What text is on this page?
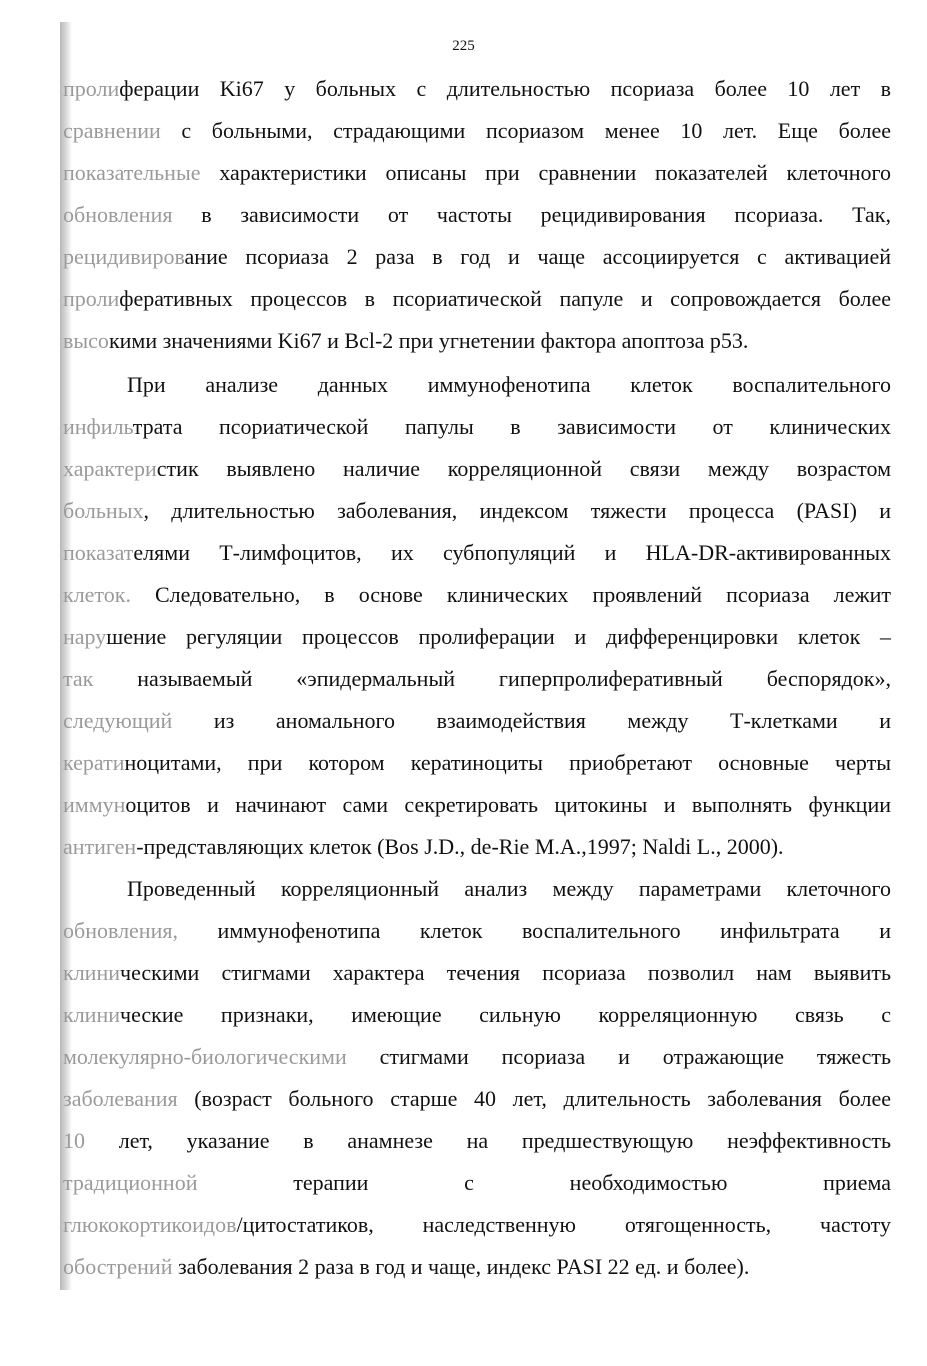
225
пролиферации Ki67 у больных с длительностью псориаза более 10 лет в
сравнении с больными, страдающими псориазом менее 10 лет. Еще более
показательные характеристики описаны при сравнении показателей клеточного
обновления в зависимости от частоты рецидивирования псориаза. Так,
рецидивирование псориаза 2 раза в год и чаще ассоциируется с активацией
пролиферативных процессов в псориатической папуле и сопровождается более
высокими значениями Ki67 и Bcl-2 при угнетении фактора апоптоза p53.
При анализе данных иммунофенотипа клеток воспалительного
инфильтрата псориатической папулы в зависимости от клинических
характеристик выявлено наличие корреляционной связи между возрастом
больных, длительностью заболевания, индексом тяжести процесса (PASI) и
показателями Т-лимфоцитов, их субпопуляций и HLA-DR-активированных
клеток. Следовательно, в основе клинических проявлений псориаза лежит
нарушение регуляции процессов пролиферации и дифференцировки клеток –
так называемый «эпидермальный гиперпролиферативный беспорядок»,
следующий из аномального взаимодействия между Т-клетками и
кератиноцитами, при котором кератиноциты приобретают основные черты
иммуноцитов и начинают сами секретировать цитокины и выполнять функции
антиген-представляющих клеток (Bos J.D., de-Rie M.A.,1997; Naldi L., 2000).
Проведенный корреляционный анализ между параметрами клеточного
обновления, иммунофенотипа клеток воспалительного инфильтрата и
клиническими стигмами характера течения псориаза позволил нам выявить
клинические признаки, имеющие сильную корреляционную связь с
молекулярно-биологическими стигмами псориаза и отражающие тяжесть
заболевания (возраст больного старше 40 лет, длительность заболевания более
10 лет, указание в анамнезе на предшествующую неэффективность
традиционной терапии с необходимостью приема
глюкокортикоидов/цитостатиков, наследственную отягощенность, частоту
обострений заболевания 2 раза в год и чаще, индекс PASI 22 ед. и более).
